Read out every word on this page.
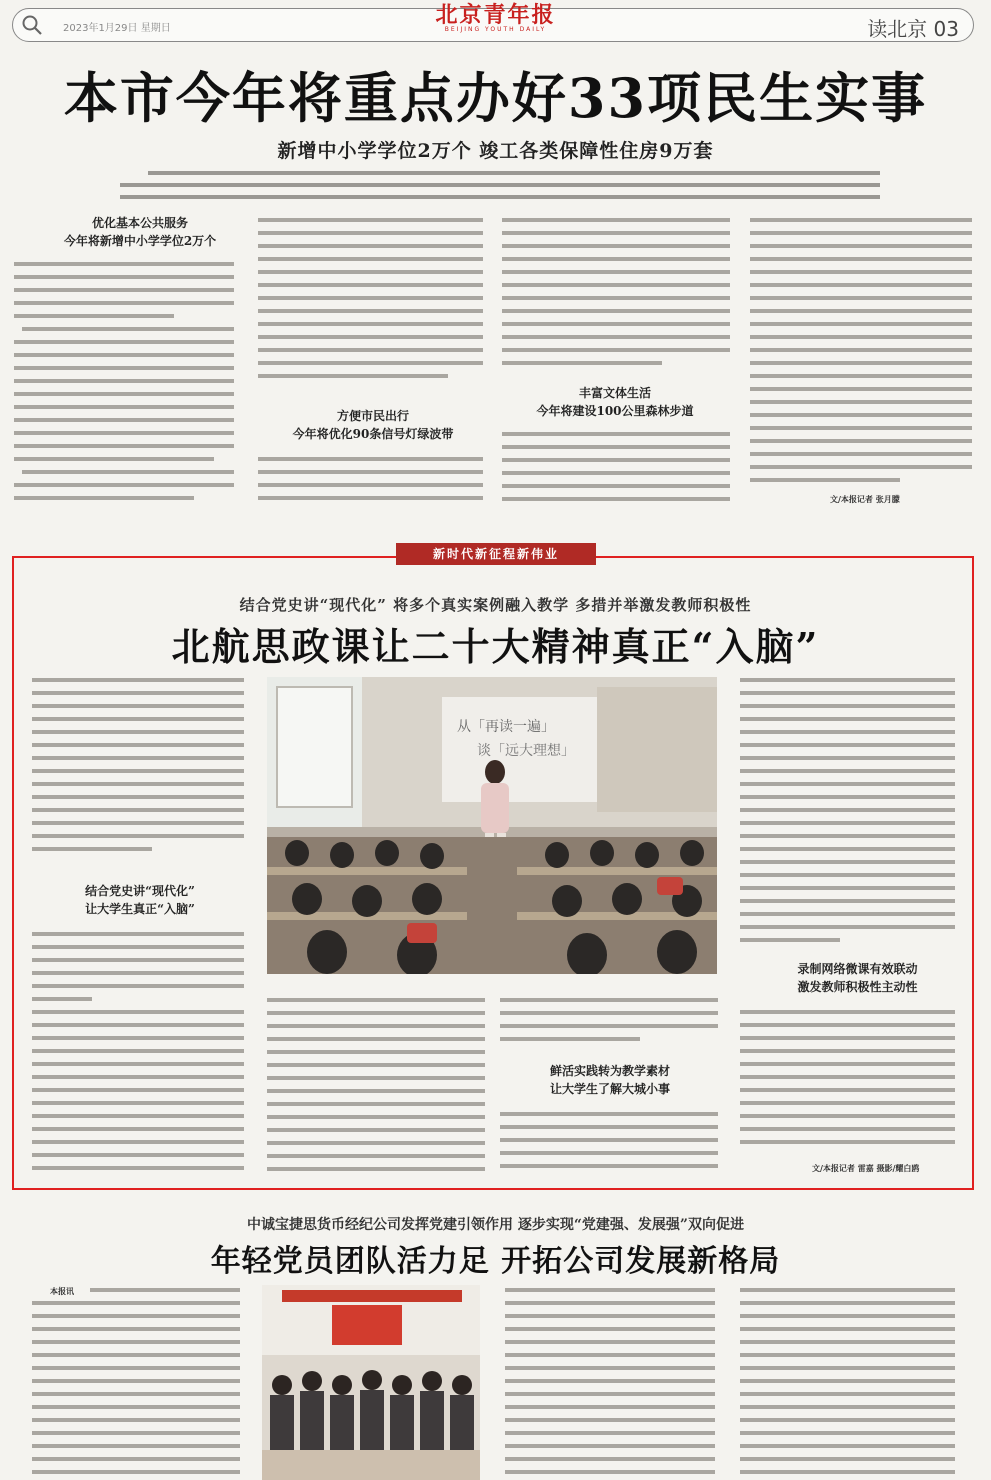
2023年1月29日 星期日	读北京 03
北京青年报
BEIJING YOUTH DAILY
本市今年将重点办好33项民生实事
新增中小学学位2万个 竣工各类保障性住房9万套
优化基本公共服务
今年将新增中小学学位2万个
方便市民出行
今年将优化90条信号灯绿波带
丰富文体生活
今年将建设100公里森林步道
文/本报记者 张月朦
新时代新征程新伟业
结合党史讲“现代化” 将多个真实案例融入教学 多措并举激发教师积极性
北航思政课让二十大精神真正“入脑”
从「再读一遍」
谈「远大理想」
结合党史讲“现代化”
让大学生真正“入脑”
鲜活实践转为教学素材
让大学生了解大城小事
录制网络微课有效联动
激发教师积极性主动性
文/本报记者 雷嘉 摄影/耀白鸥
中诚宝捷思货币经纪公司发挥党建引领作用 逐步实现“党建强、发展强”双向促进
年轻党员团队活力足 开拓公司发展新格局
本报讯
